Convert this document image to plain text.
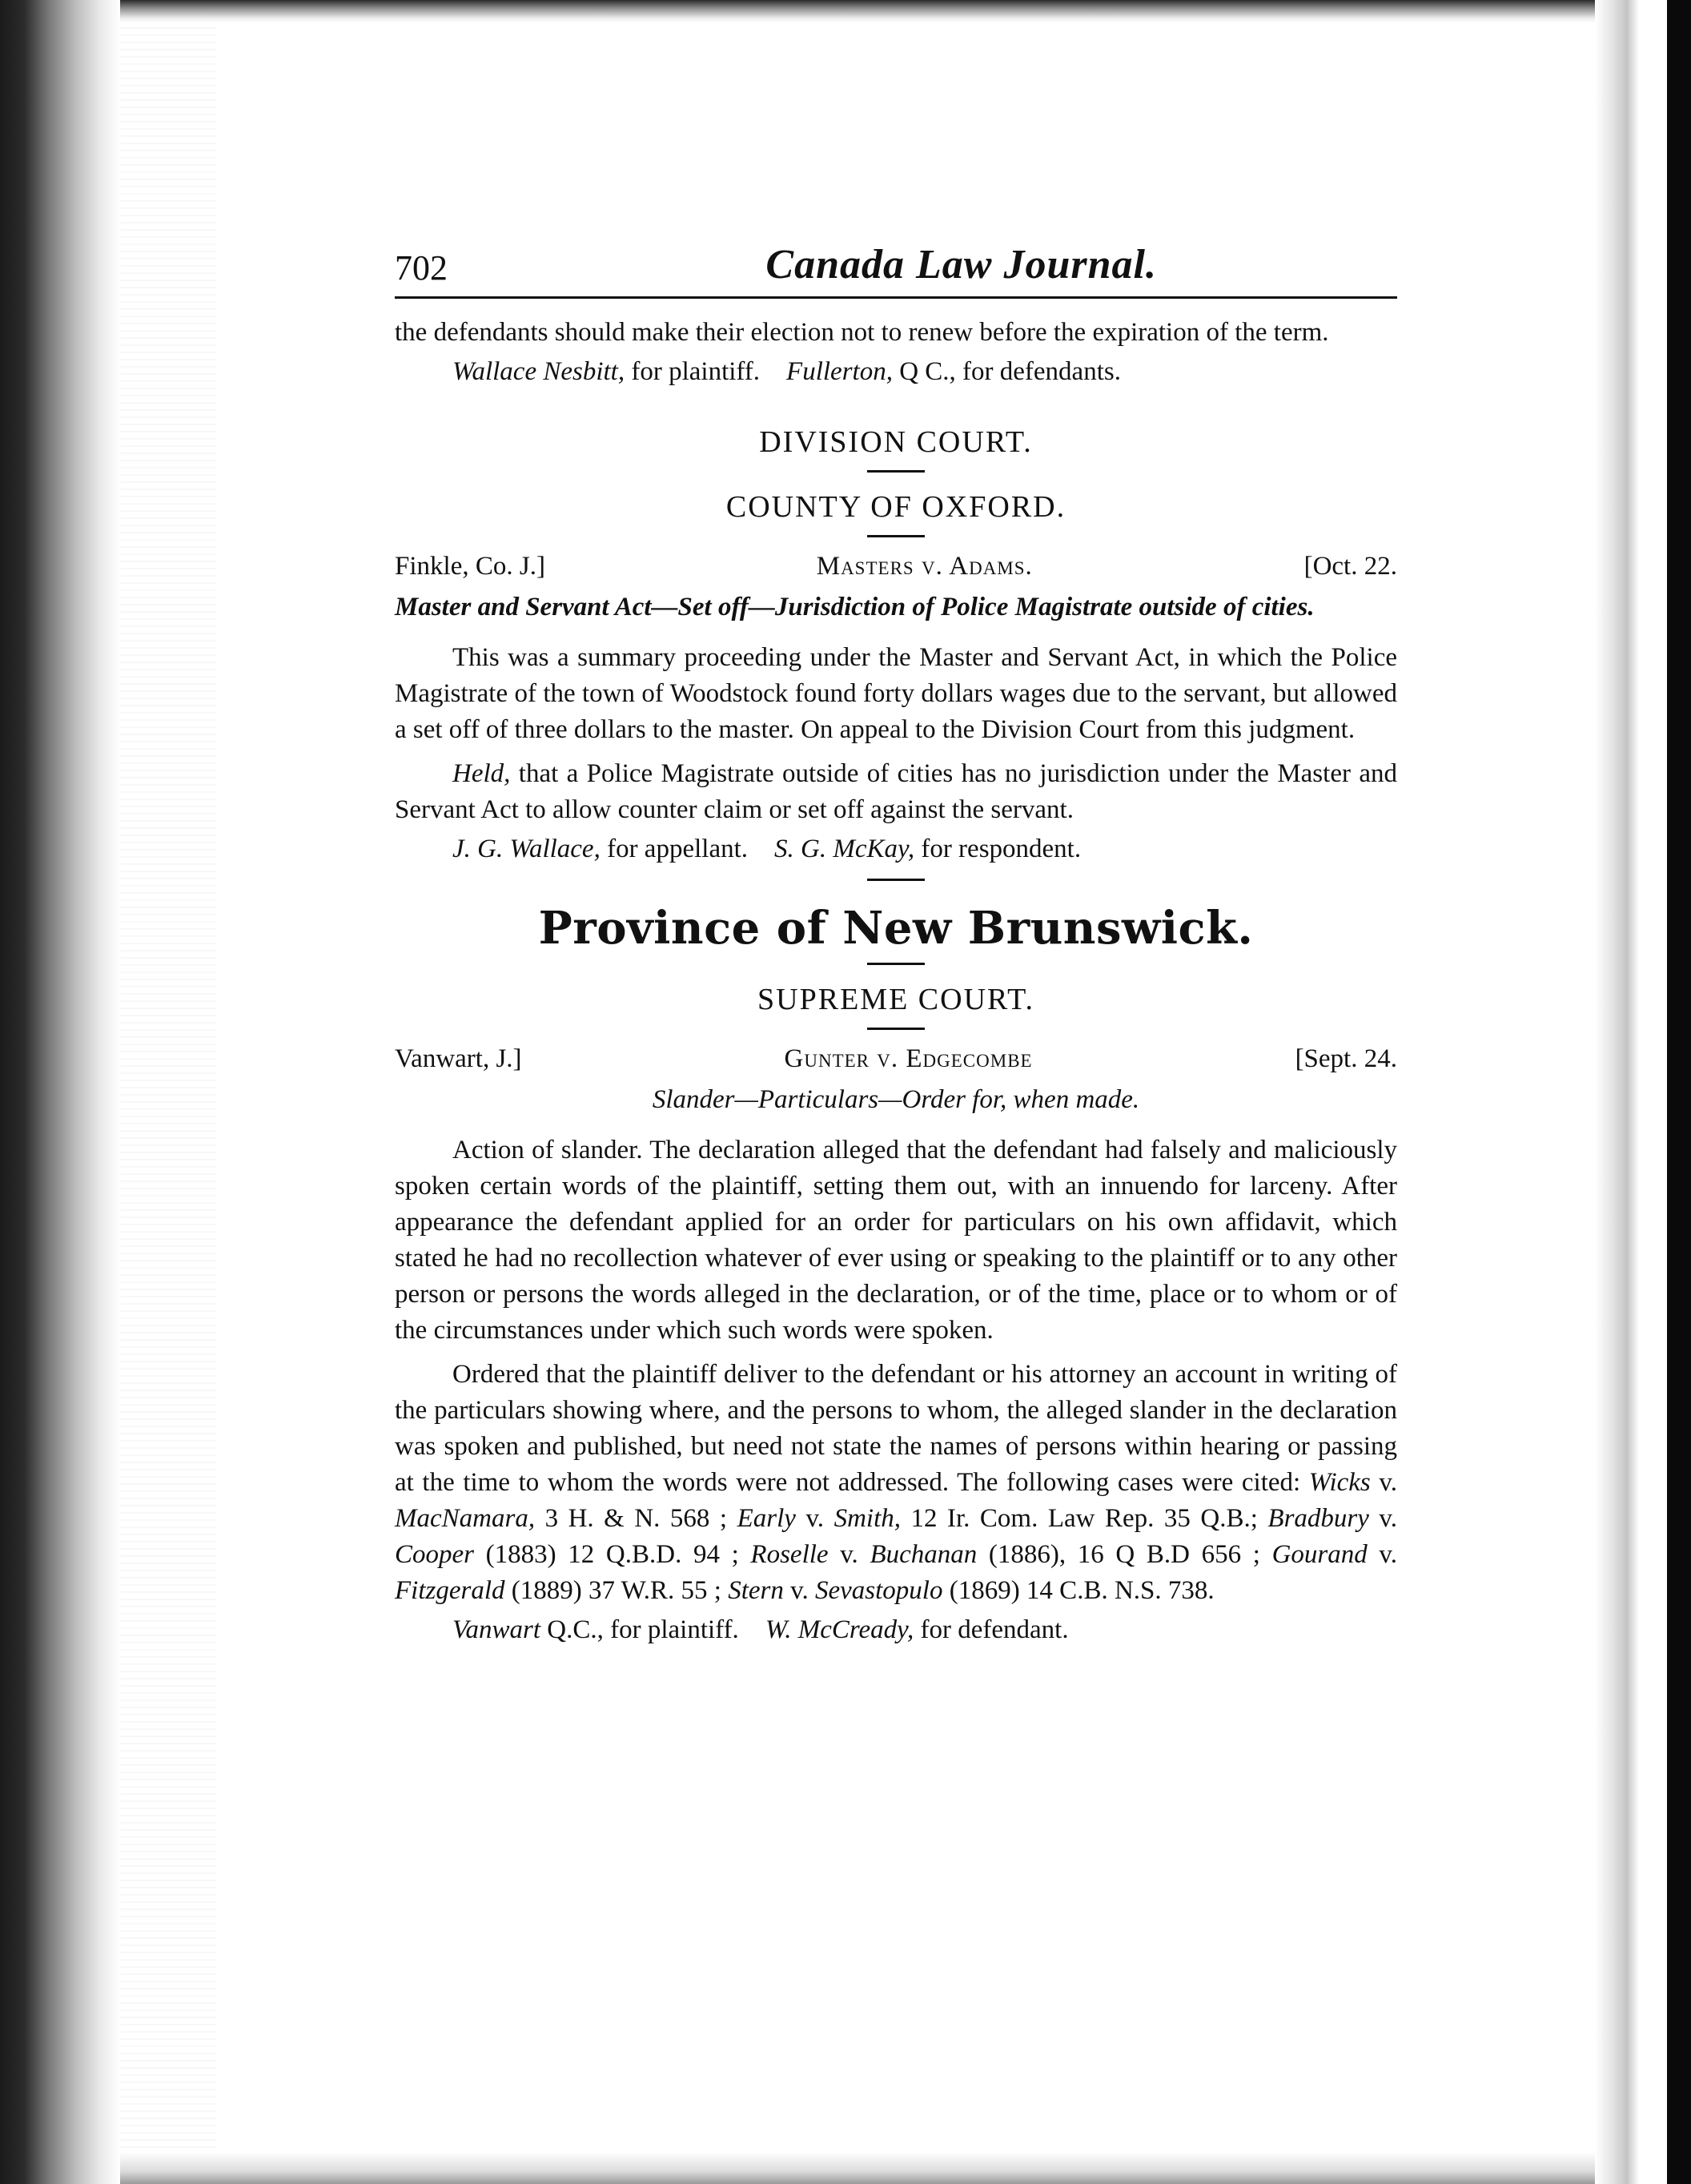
702	Canada Law Journal.

the defendants should make their election not to renew before the expiration of the term.

Wallace Nesbitt, for plaintiff. Fullerton, Q C., for defendants.
DIVISION COURT.
COUNTY OF OXFORD.
Finkle, Co. J.]	Masters v. Adams.	[Oct. 22.
Master and Servant Act—Set off—Jurisdiction of Police Magistrate outside of cities.

This was a summary proceeding under the Master and Servant Act, in which the Police Magistrate of the town of Woodstock found forty dollars wages due to the servant, but allowed a set off of three dollars to the master. On appeal to the Division Court from this judgment.

Held, that a Police Magistrate outside of cities has no jurisdiction under the Master and Servant Act to allow counter claim or set off against the servant.

J. G. Wallace, for appellant. S. G. McKay, for respondent.
Province of New Brunswick.
SUPREME COURT.
Vanwart, J.]	Gunter v. Edgecombe	[Sept. 24.
Slander—Particulars—Order for, when made.

Action of slander. The declaration alleged that the defendant had falsely and maliciously spoken certain words of the plaintiff, setting them out, with an innuendo for larceny. After appearance the defendant applied for an order for particulars on his own affidavit, which stated he had no recollection whatever of ever using or speaking to the plaintiff or to any other person or persons the words alleged in the declaration, or of the time, place or to whom or of the circumstances under which such words were spoken.

Ordered that the plaintiff deliver to the defendant or his attorney an account in writing of the particulars showing where, and the persons to whom, the alleged slander in the declaration was spoken and published, but need not state the names of persons within hearing or passing at the time to whom the words were not addressed. The following cases were cited: Wicks v. MacNamara, 3 H. & N. 568 ; Early v. Smith, 12 Ir. Com. Law Rep. 35 Q.B.; Bradbury v. Cooper (1883) 12 Q.B.D. 94 ; Roselle v. Buchanan (1886), 16 Q B.D 656 ; Gourand v. Fitzgerald (1889) 37 W.R. 55 ; Stern v. Sevastopulo (1869) 14 C.B. N.S. 738.

Vanwart Q.C., for plaintiff. W. McCready, for defendant.
